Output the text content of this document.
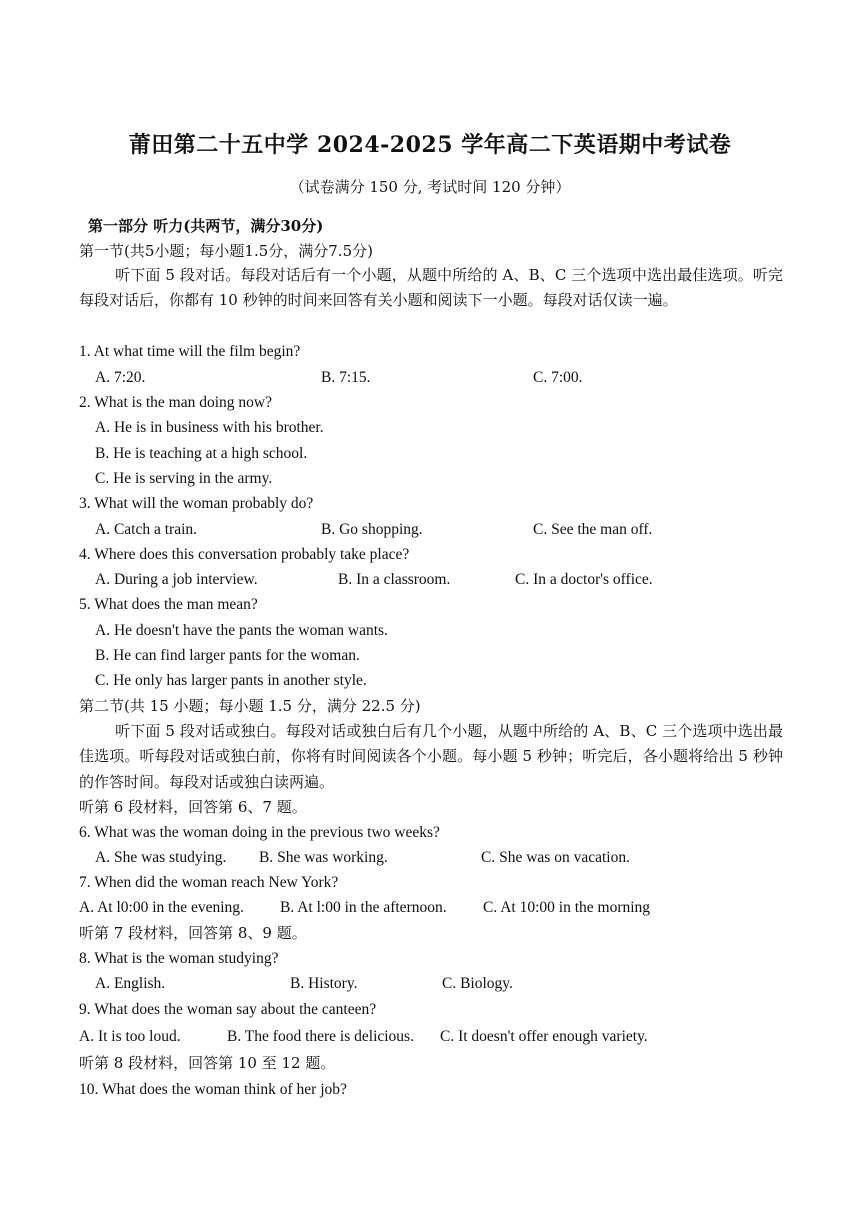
莆田第二十五中学 2024-2025 学年高二下英语期中考试卷
（试卷满分 150 分, 考试时间 120 分钟）
第一部分 听力(共两节，满分30分)
第一节(共5小题；每小题1.5分，满分7.5分)
听下面 5 段对话。每段对话后有一个小题，从题中所给的 A、B、C 三个选项中选出最佳选项。听完每段对话后，你都有 10 秒钟的时间来回答有关小题和阅读下一小题。每段对话仅读一遍。
1. At what time will the film begin?
A. 7:20.	B. 7:15.	C. 7:00.
2. What is the man doing now?
A. He is in business with his brother.
B. He is teaching at a high school.
C. He is serving in the army.
3. What will the woman probably do?
A. Catch a train.	B. Go shopping.	C. See the man off.
4. Where does this conversation probably take place?
A. During a job interview.	B. In a classroom.	C. In a doctor's office.
5. What does the man mean?
A. He doesn't have the pants the woman wants.
B. He can find larger pants for the woman.
C. He only has larger pants in another style.
第二节(共 15 小题；每小题 1.5 分，满分 22.5 分)
听下面 5 段对话或独白。每段对话或独白后有几个小题，从题中所给的 A、B、C 三个选项中选出最佳选项。听每段对话或独白前，你将有时间阅读各个小题。每小题 5 秒钟；听完后，各小题将给出 5 秒钟的作答时间。每段对话或独白读两遍。
听第 6 段材料，回答第 6、7 题。
6. What was the woman doing in the previous two weeks?
A. She was studying. B. She was working.	C. She was on vacation.
7. When did the woman reach New York?
A. At l0:00 in the evening. B. At l:00 in the afternoon. C. At 10:00 in the morning
听第 7 段材料，回答第 8、9 题。
8. What is the woman studying?
A. English.	B. History.	C. Biology.
9. What does the woman say about the canteen?
A. It is too loud.	B. The food there is delicious. C. It doesn't offer enough variety.
听第 8 段材料，回答第 10 至 12 题。
10. What does the woman think of her job?
